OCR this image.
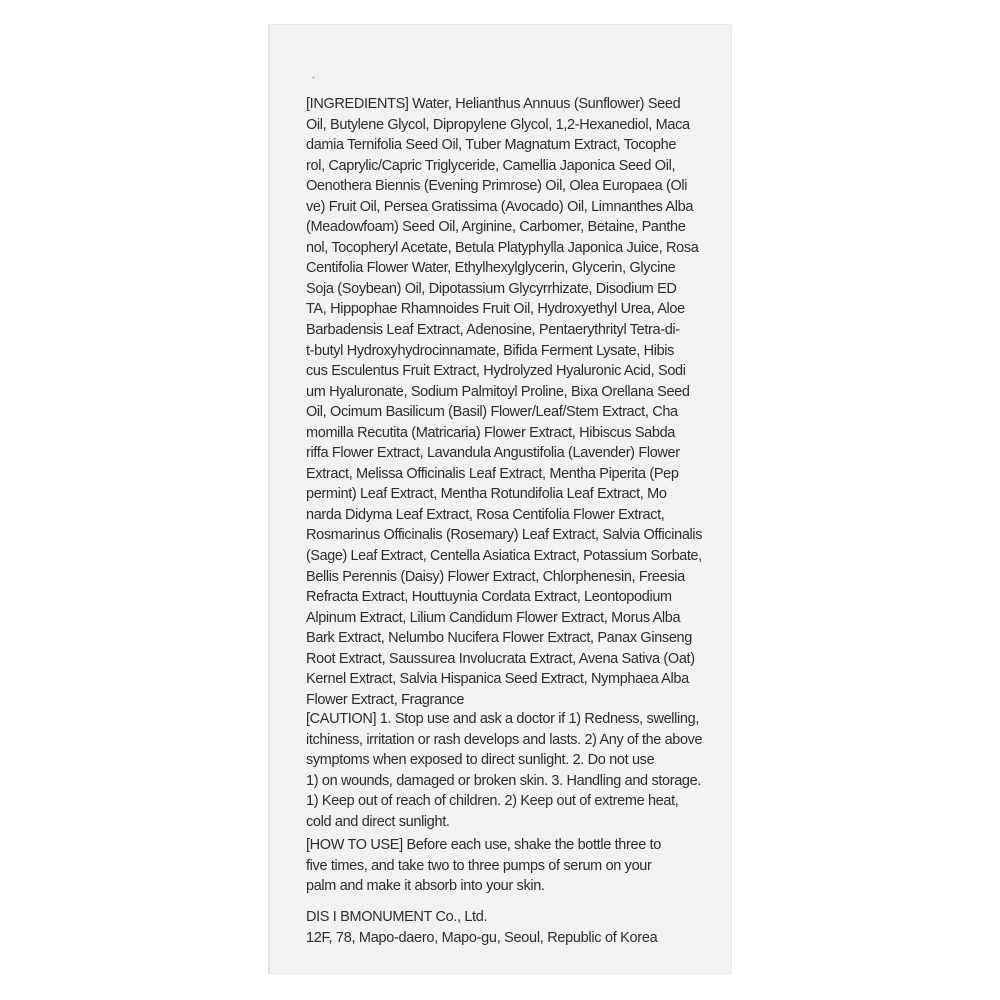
[INGREDIENTS] Water, Helianthus Annuus (Sunflower) Seed
Oil, Butylene Glycol, Dipropylene Glycol, 1,2-Hexanediol, Maca
damia Ternifolia Seed Oil, Tuber Magnatum Extract, Tocophe
rol, Caprylic/Capric Triglyceride, Camellia Japonica Seed Oil,
Oenothera Biennis (Evening Primrose) Oil, Olea Europaea (Oli
ve) Fruit Oil, Persea Gratissima (Avocado) Oil, Limnanthes Alba
(Meadowfoam) Seed Oil, Arginine, Carbomer, Betaine, Panthe
nol, Tocopheryl Acetate, Betula Platyphylla Japonica Juice, Rosa
Centifolia Flower Water, Ethylhexylglycerin, Glycerin, Glycine
Soja (Soybean) Oil, Dipotassium Glycyrrhizate, Disodium ED
TA, Hippophae Rhamnoides Fruit Oil, Hydroxyethyl Urea, Aloe
Barbadensis Leaf Extract, Adenosine, Pentaerythrityl Tetra-di-
t-butyl Hydroxyhydrocinnamate, Bifida Ferment Lysate, Hibis
cus Esculentus Fruit Extract, Hydrolyzed Hyaluronic Acid, Sodi
um Hyaluronate, Sodium Palmitoyl Proline, Bixa Orellana Seed
Oil, Ocimum Basilicum (Basil) Flower/Leaf/Stem Extract, Cha
momilla Recutita (Matricaria) Flower Extract, Hibiscus Sabda
riffa Flower Extract, Lavandula Angustifolia (Lavender) Flower
Extract, Melissa Officinalis Leaf Extract, Mentha Piperita (Pep
permint) Leaf Extract, Mentha Rotundifolia Leaf Extract, Mo
narda Didyma Leaf Extract, Rosa Centifolia Flower Extract,
Rosmarinus Officinalis (Rosemary) Leaf Extract, Salvia Officinalis
(Sage) Leaf Extract, Centella Asiatica Extract, Potassium Sorbate,
Bellis Perennis (Daisy) Flower Extract, Chlorphenesin, Freesia
Refracta Extract, Houttuynia Cordata Extract, Leontopodium
Alpinum Extract, Lilium Candidum Flower Extract, Morus Alba
Bark Extract, Nelumbo Nucifera Flower Extract, Panax Ginseng
Root Extract, Saussurea Involucrata Extract, Avena Sativa (Oat)
Kernel Extract, Salvia Hispanica Seed Extract, Nymphaea Alba
Flower Extract, Fragrance
[CAUTION] 1. Stop use and ask a doctor if 1) Redness, swelling,
itchiness, irritation or rash develops and lasts. 2) Any of the above
symptoms when exposed to direct sunlight. 2. Do not use
1) on wounds, damaged or broken skin. 3. Handling and storage.
1) Keep out of reach of children. 2) Keep out of extreme heat,
cold and direct sunlight.
[HOW TO USE] Before each use, shake the bottle three to
five times, and take two to three pumps of serum on your
palm and make it absorb into your skin.
DIS I BMONUMENT Co., Ltd.
12F, 78, Mapo-daero, Mapo-gu, Seoul, Republic of Korea
